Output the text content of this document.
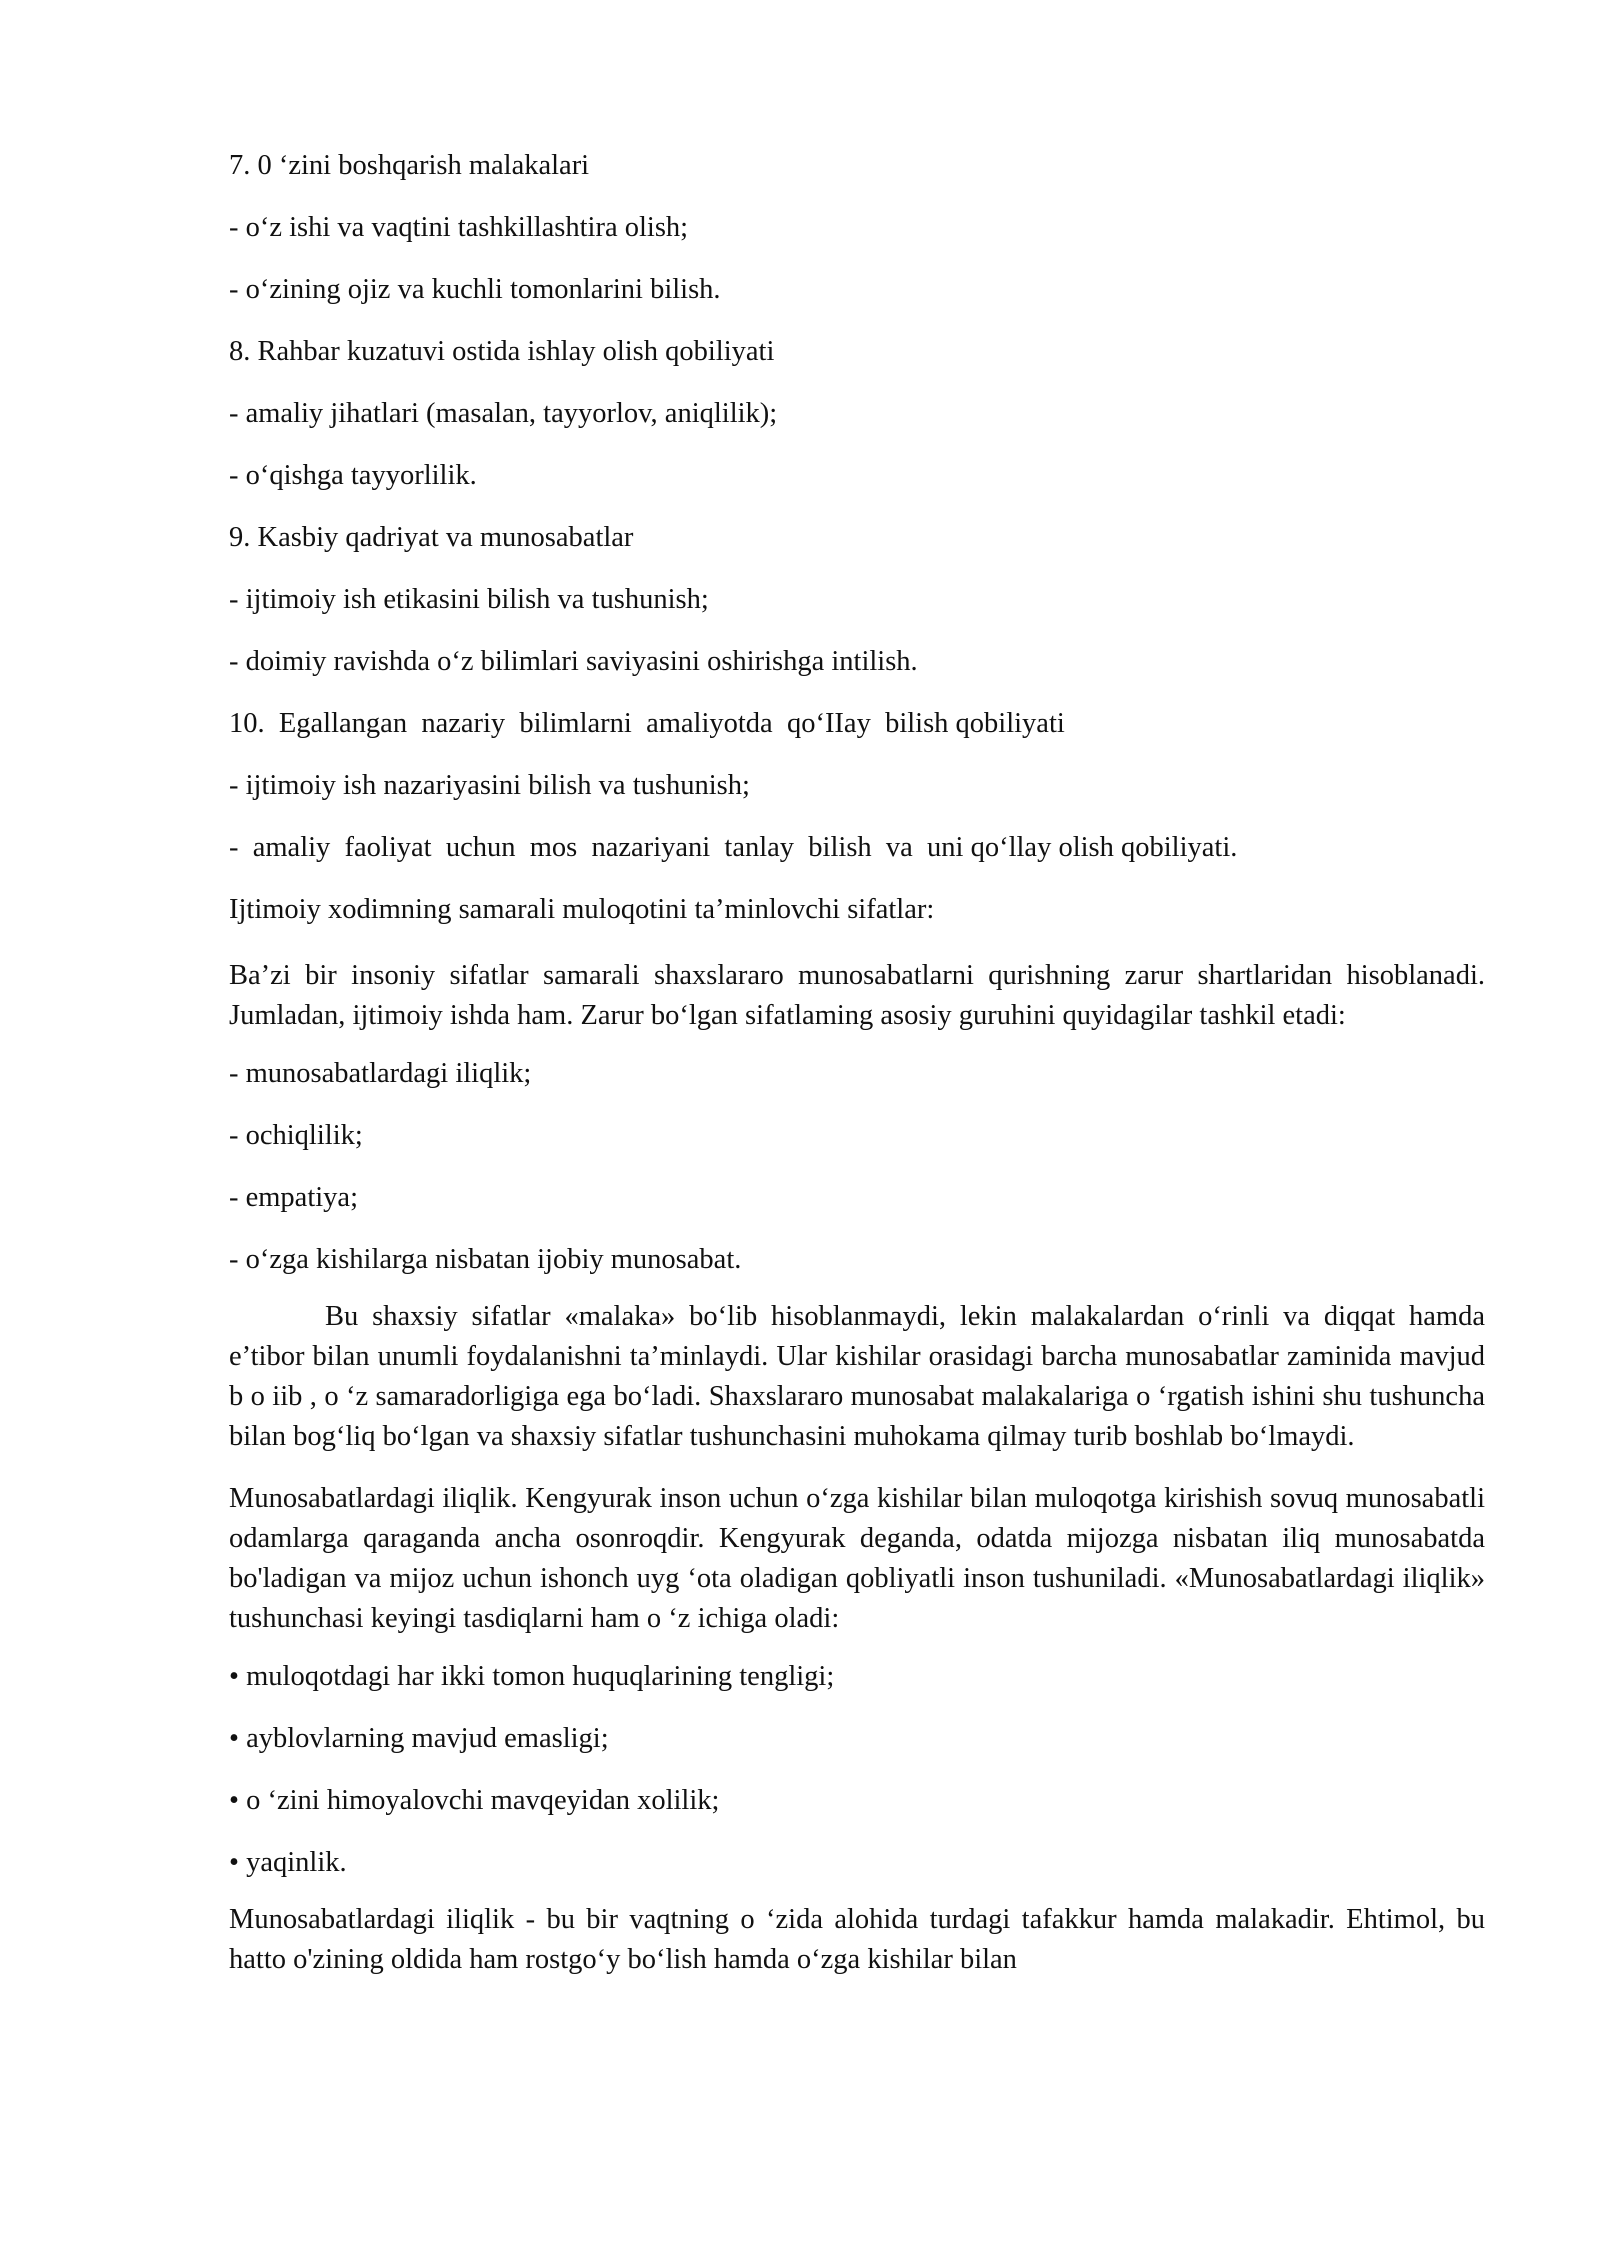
7. 0 ‘zini boshqarish malakalari
- o‘z ishi va vaqtini tashkillashtira olish;
- o‘zining ojiz va kuchli tomonlarini bilish.
8. Rahbar kuzatuvi ostida ishlay olish qobiliyati
- amaliy jihatlari (masalan, tayyorlov, aniqlilik);
- o‘qishga tayyorlilik.
9. Kasbiy qadriyat va munosabatlar
- ijtimoiy ish etikasini bilish va tushunish;
- doimiy ravishda o‘z bilimlari saviyasini oshirishga intilish.
10.  Egallangan  nazariy  bilimlarni  amaliyotda  qo‘IIay  bilish qobiliyati
- ijtimoiy ish nazariyasini bilish va tushunish;
-  amaliy  faoliyat  uchun  mos  nazariyani  tanlay  bilish  va  uni qo‘llay olish qobiliyati.
Ijtimoiy xodimning samarali muloqotini ta’minlovchi sifatlar:

Ba’zi bir insoniy sifatlar samarali shaxslararo munosabatlarni qurishning zarur shartlaridan hisoblanadi. Jumladan, ijtimoiy ishda ham. Zarur bo‘lgan sifatlaming asosiy guruhini quyidagilar tashkil etadi:

- munosabatlardagi iliqlik;
- ochiqlilik;
- empatiya;
- o‘zga kishilarga nisbatan ijobiy munosabat.

Bu shaxsiy sifatlar «malaka» bo‘lib hisoblanmaydi, lekin malakalardan o‘rinli va diqqat hamda e’tibor bilan unumli foydalanishni ta’minlaydi. Ular kishilar orasidagi barcha munosabatlar zaminida mavjud b o iib , o ‘z samaradorligiga ega bo‘ladi. Shaxslararo munosabat malakalariga o ‘rgatish ishini shu tushuncha bilan bog‘liq bo‘lgan va shaxsiy sifatlar tushunchasini muhokama qilmay turib boshlab bo‘lmaydi.

Munosabatlardagi iliqlik. Kengyurak inson uchun o‘zga kishilar bilan muloqotga kirishish sovuq munosabatli odamlarga qaraganda ancha osonroqdir. Kengyurak deganda, odatda mijozga nisbatan iliq munosabatda bo'ladigan va mijoz uchun ishonch uyg ‘ota oladigan qobliyatli inson tushuniladi. «Munosabatlardagi iliqlik» tushunchasi keyingi tasdiqlarni ham o ‘z ichiga oladi:

• muloqotdagi har ikki tomon huquqlarining tengligi;
• ayblovlarning mavjud emasligi;
• o ‘zini himoyalovchi mavqeyidan xolilik;
• yaqinlik.

Munosabatlardagi iliqlik - bu bir vaqtning o ‘zida alohida turdagi tafakkur hamda malakadir. Ehtimol, bu hatto o'zining oldida ham rostgo‘y bo‘lish hamda o‘zga kishilar bilan
